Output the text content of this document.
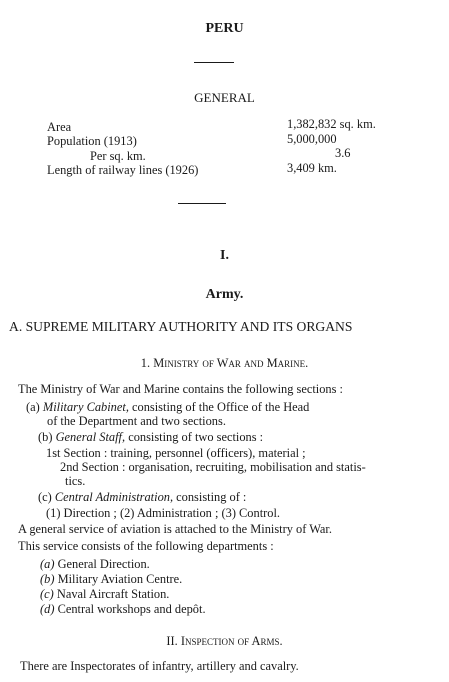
PERU
GENERAL
Area	1,382,832 sq. km.
Population (1913)	5,000,000
Per sq. km.	3.6
Length of railway lines (1926)	3,409 km.
I.
Army.
A. SUPREME MILITARY AUTHORITY AND ITS ORGANS
1. Ministry of War and Marine.
The Ministry of War and Marine contains the following sections :
(a) Military Cabinet, consisting of the Office of the Head
of the Department and two sections.
(b) General Staff, consisting of two sections :
1st Section : training, personnel (officers), material ;
2nd Section : organisation, recruiting, mobilisation and statis-
tics.
(c) Central Administration, consisting of :
(1) Direction ; (2) Administration ; (3) Control.
A general service of aviation is attached to the Ministry of War.
This service consists of the following departments :
(a) General Direction.
(b) Military Aviation Centre.
(c) Naval Aircraft Station.
(d) Central workshops and depôt.
II. Inspection of Arms.
There are Inspectorates of infantry, artillery and cavalry.
